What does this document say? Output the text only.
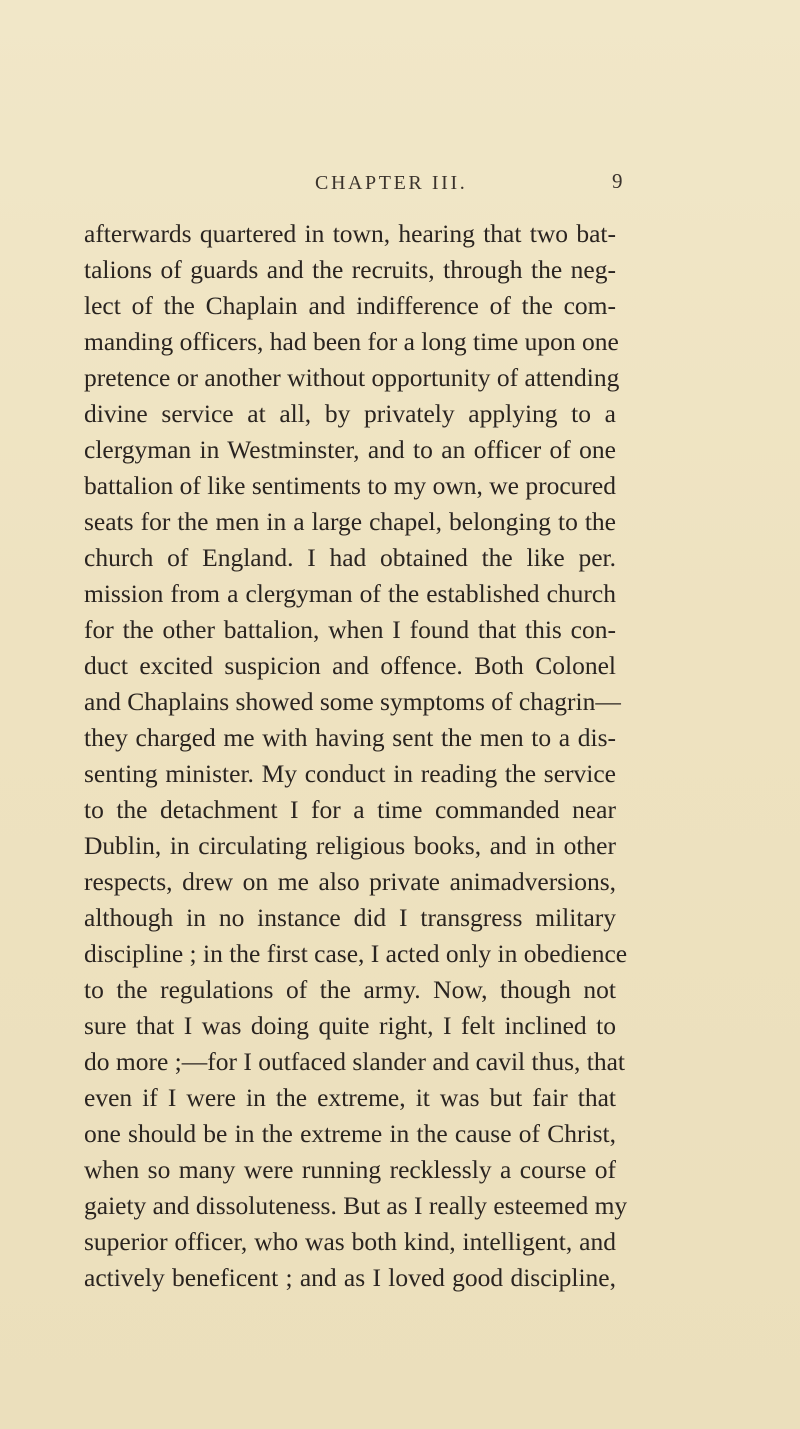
CHAPTER III.	9
afterwards quartered in town, hearing that two bat-
talions of guards and the recruits, through the neg-
lect of the Chaplain and indifference of the com-
manding officers, had been for a long time upon one
pretence or another without opportunity of attending
divine service at all, by privately applying to a
clergyman in Westminster, and to an officer of one
battalion of like sentiments to my own, we procured
seats for the men in a large chapel, belonging to the
church of England. I had obtained the like per.
mission from a clergyman of the established church
for the other battalion, when I found that this con-
duct excited suspicion and offence. Both Colonel
and Chaplains showed some symptoms of chagrin—
they charged me with having sent the men to a dis-
senting minister. My conduct in reading the service
to the detachment I for a time commanded near
Dublin, in circulating religious books, and in other
respects, drew on me also private animadversions,
although in no instance did I transgress military
discipline ; in the first case, I acted only in obedience
to the regulations of the army. Now, though not
sure that I was doing quite right, I felt inclined to
do more ;—for I outfaced slander and cavil thus, that
even if I were in the extreme, it was but fair that
one should be in the extreme in the cause of Christ,
when so many were running recklessly a course of
gaiety and dissoluteness. But as I really esteemed my
superior officer, who was both kind, intelligent, and
actively beneficent ; and as I loved good discipline,
